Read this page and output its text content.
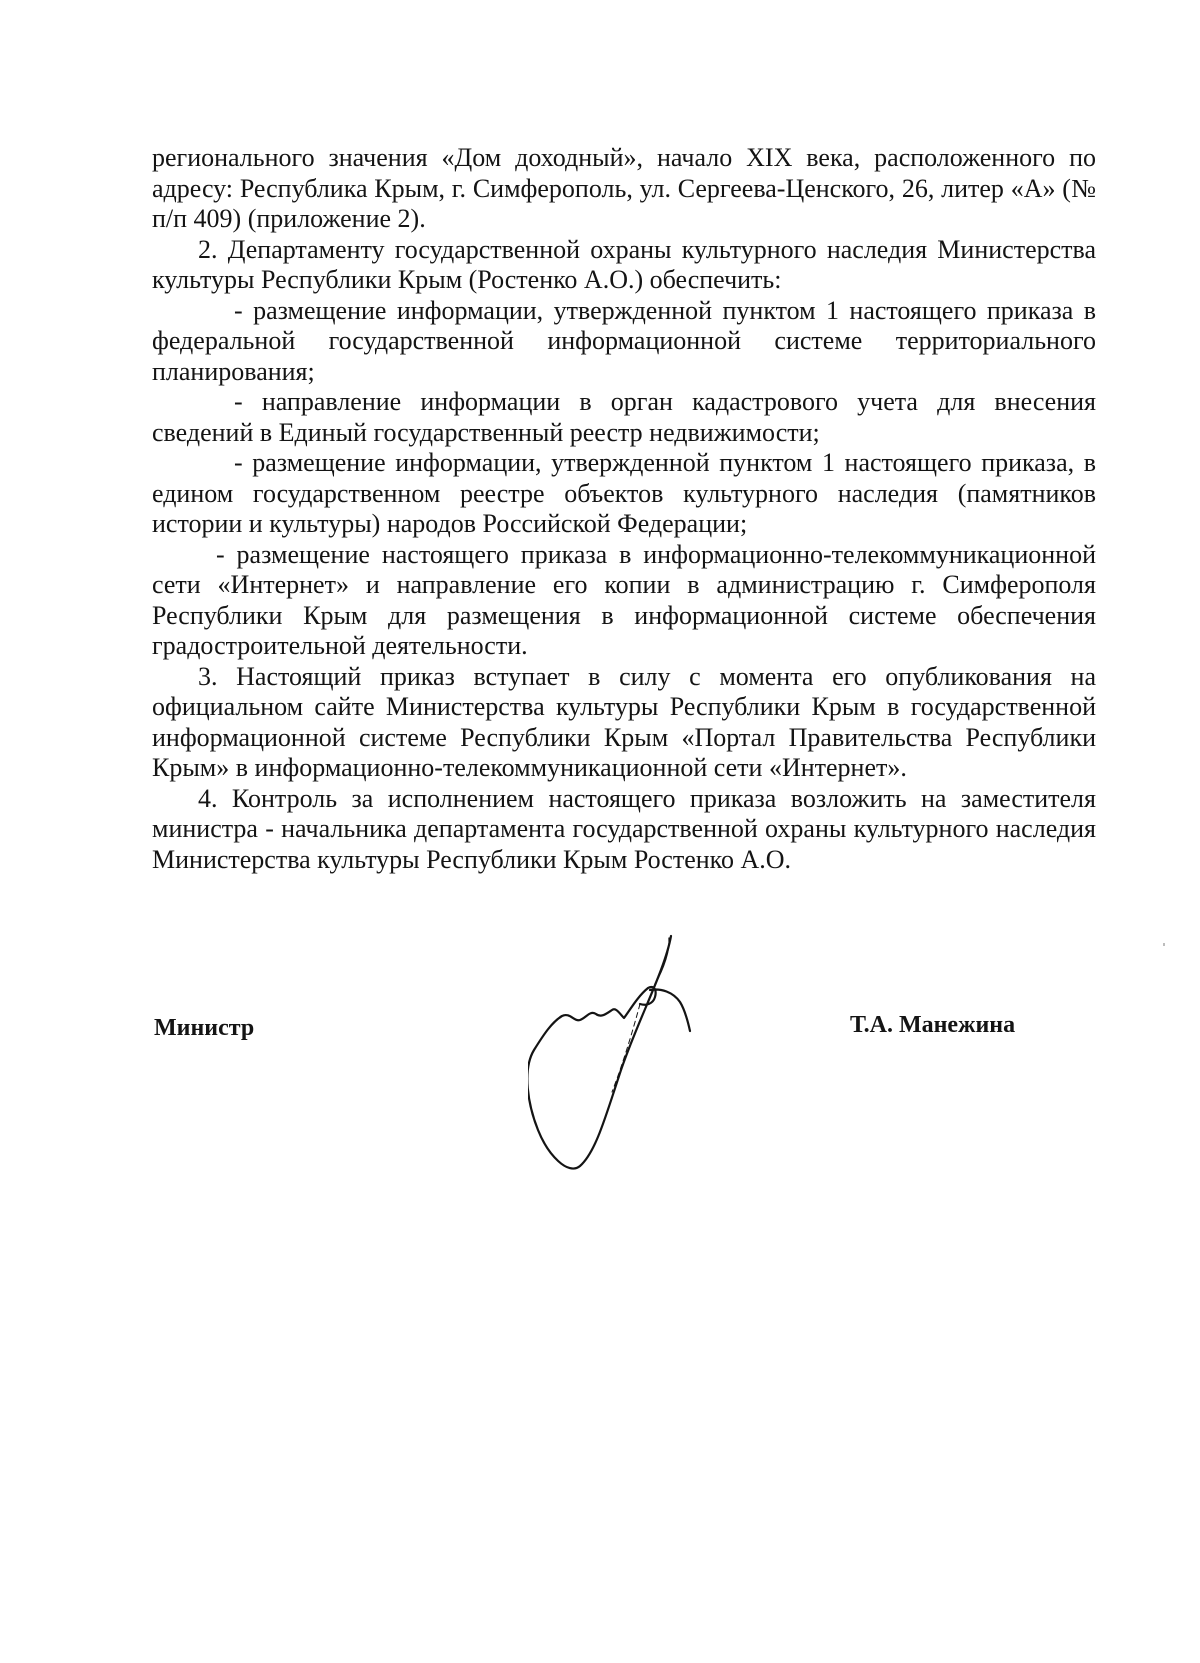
регионального значения «Дом доходный», начало XIX века, расположенного по адресу: Республика Крым, г. Симферополь, ул. Сергеева-Ценского, 26, литер «А» (№ п/п 409) (приложение 2).

2. Департаменту государственной охраны культурного наследия Министерства культуры Республики Крым (Ростенко А.О.) обеспечить:

- размещение информации, утвержденной пунктом 1 настоящего приказа в федеральной государственной информационной системе территориального планирования;

- направление информации в орган кадастрового учета для внесения сведений в Единый государственный реестр недвижимости;

- размещение информации, утвержденной пунктом 1 настоящего приказа, в едином государственном реестре объектов культурного наследия (памятников истории и культуры) народов Российской Федерации;

- размещение настоящего приказа в информационно-телекоммуникационной сети «Интернет» и направление его копии в администрацию г. Симферополя Республики Крым для размещения в информационной системе обеспечения градостроительной деятельности.

3. Настоящий приказ вступает в силу с момента его опубликования на официальном сайте Министерства культуры Республики Крым в государственной информационной системе Республики Крым «Портал Правительства Республики Крым» в информационно-телекоммуникационной сети «Интернет».

4. Контроль за исполнением настоящего приказа возложить на заместителя министра - начальника департамента государственной охраны культурного наследия Министерства культуры Республики Крым Ростенко А.О.

Министр	Т.А. Манежина
